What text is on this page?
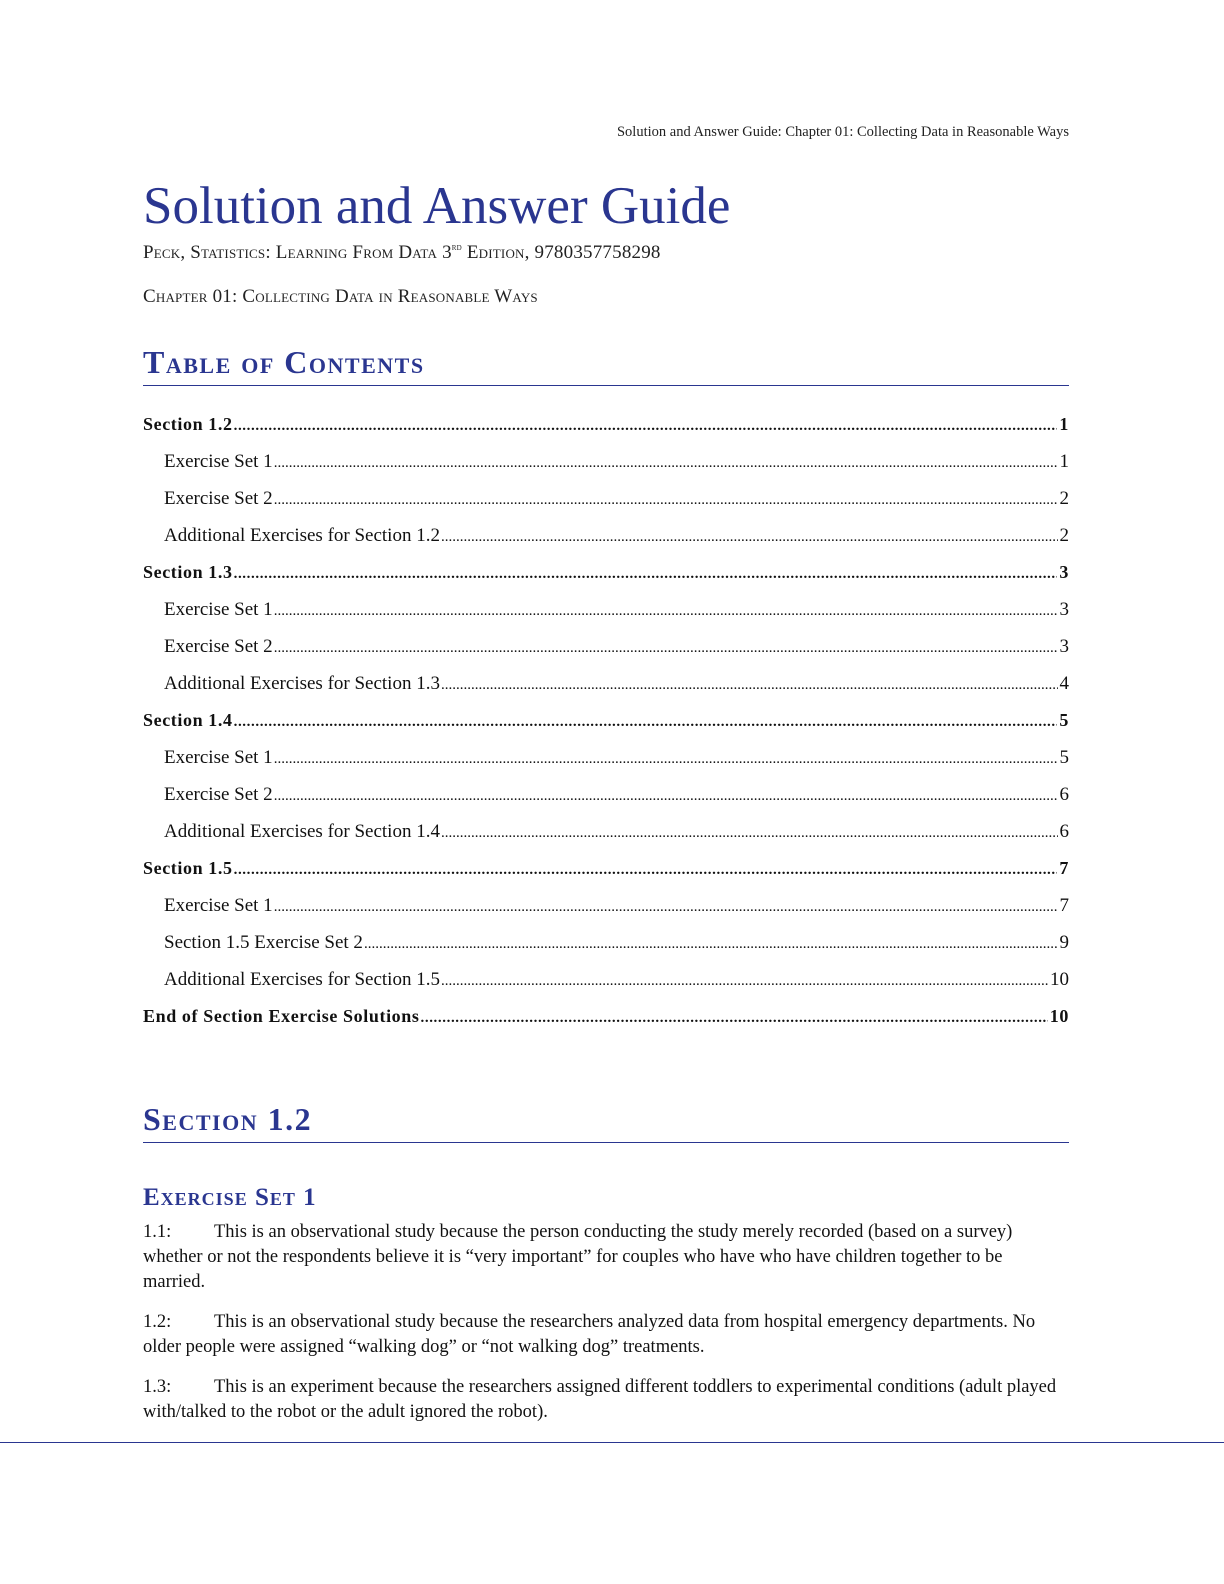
Solution and Answer Guide: Chapter 01: Collecting Data in Reasonable Ways
Solution and Answer Guide

Peck, Statistics: Learning From Data 3rd Edition, 9780357758298

Chapter 01: Collecting Data in Reasonable Ways

Table of Contents
Section 1.2 .....	1
Exercise Set 1 .....	1
Exercise Set 2 .....	2
Additional Exercises for Section 1.2 .....	2
Section 1.3 .....	3
Exercise Set 1 .....	3
Exercise Set 2 .....	3
Additional Exercises for Section 1.3 .....	4
Section 1.4 .....	5
Exercise Set 1 .....	5
Exercise Set 2 .....	6
Additional Exercises for Section 1.4 .....	6
Section 1.5 .....	7
Exercise Set 1 .....	7
Section 1.5 Exercise Set 2 .....	9
Additional Exercises for Section 1.5 .....	10
End of Section Exercise Solutions .....	10
Section 1.2
Exercise Set 1

1.1: This is an observational study because the person conducting the study merely recorded (based on a survey) whether or not the respondents believe it is “very important” for couples who have who have children together to be married.

1.2: This is an observational study because the researchers analyzed data from hospital emergency departments. No older people were assigned “walking dog” or “not walking dog” treatments.

1.3: This is an experiment because the researchers assigned different toddlers to experimental conditions (adult played with/talked to the robot or the adult ignored the robot).
